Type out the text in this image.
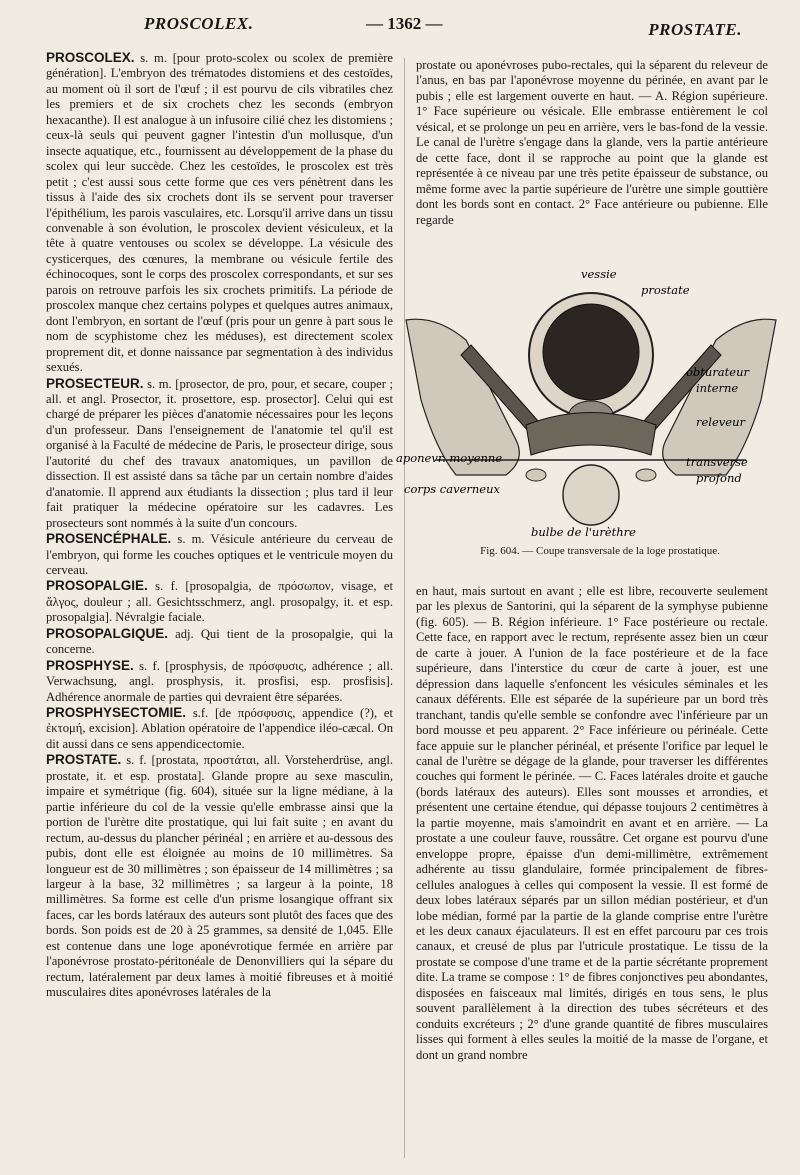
PROSCOLEX.	— 1362 —	PROSTATE.

PROSCOLEX. s. m. [pour proto-scolex ou scolex de première génération]. L'embryon des trématodes distomiens et des cestoïdes, au moment où il sort de l'œuf ; il est pourvu de cils vibratiles chez les premiers et de six crochets chez les seconds (embryon hexacanthe). Il est analogue à un infusoire cilié chez les distomiens ; ceux-là seuls qui peuvent gagner l'intestin d'un mollusque, d'un insecte aquatique, etc., fournissent au développement de la phase du scolex qui leur succède. Chez les cestoïdes, le proscolex est très petit ; c'est aussi sous cette forme que ces vers pénètrent dans les tissus à l'aide des six crochets dont ils se servent pour traverser l'épithélium, les parois vasculaires, etc. Lorsqu'il arrive dans un tissu convenable à son évolution, le proscolex devient vésiculeux, et la tête à quatre ventouses ou scolex se développe. La vésicule des cysticerques, des cœnures, la membrane ou vésicule fertile des échinocoques, sont le corps des proscolex correspondants, et sur ses parois on retrouve parfois les six crochets primitifs. La période de proscolex manque chez certains polypes et quelques autres animaux, dont l'embryon, en sortant de l'œuf (pris pour un genre à part sous le nom de scyphistome chez les méduses), est directement scolex proprement dit, et donne naissance par segmentation à des individus sexués.

PROSECTEUR. s. m. [prosector, de pro, pour, et secare, couper ; all. et angl. Prosector, it. prosettore, esp. prosector]. Celui qui est chargé de préparer les pièces d'anatomie nécessaires pour les leçons d'un professeur. Dans l'enseignement de l'anatomie tel qu'il est organisé à la Faculté de médecine de Paris, le prosecteur dirige, sous l'autorité du chef des travaux anatomiques, un pavillon de dissection. Il est assisté dans sa tâche par un certain nombre d'aides d'anatomie. Il apprend aux étudiants la dissection ; plus tard il leur fait pratiquer la médecine opératoire sur les cadavres. Les prosecteurs sont nommés à la suite d'un concours.

PROSENCÉPHALE. s. m. Vésicule antérieure du cerveau de l'embryon, qui forme les couches optiques et le ventricule moyen du cerveau.

PROSOPALGIE. s. f. [prosopalgia, de πρόσωπον, visage, et ἄλγος, douleur ; all. Gesichtsschmerz, angl. prosopalgy, it. et esp. prosopalgia]. Névralgie faciale.

PROSOPALGIQUE. adj. Qui tient de la prosopalgie, qui la concerne.

PROSPHYSE. s. f. [prosphysis, de πρόσφυσις, adhérence ; all. Verwachsung, angl. prosphysis, it. prosfisi, esp. prosfisis]. Adhérence anormale de parties qui devraient être séparées.

PROSPHYSECTOMIE. s.f. [de πρόσφυσις, appendice (?), et ἐκτομή, excision]. Ablation opératoire de l'appendice iléo-cæcal. On dit aussi dans ce sens appendicectomie.

PROSTATE. s. f. [prostata, προστάται, all. Vorsteherdrüse, angl. prostate, it. et esp. prostata]. Glande propre au sexe masculin, impaire et symétrique (fig. 604), située sur la ligne médiane, à la partie inférieure du col de la vessie qu'elle embrasse ainsi que la portion de l'urètre dite prostatique, qui lui fait suite ; en avant du rectum, au-dessus du plancher périnéal ; en arrière et au-dessous des pubis, dont elle est éloignée au moins de 10 millimètres. Sa longueur est de 30 millimètres ; son épaisseur de 14 millimètres ; sa largeur à la base, 32 millimètres ; sa largeur à la pointe, 18 millimètres. Sa forme est celle d'un prisme losangique offrant six faces, car les bords latéraux des auteurs sont plutôt des faces que des bords. Son poids est de 20 à 25 grammes, sa densité de 1,045. Elle est contenue dans une loge aponévrotique fermée en arrière par l'aponévrose prostato-péritonéale de Denonvilliers qui la sépare du rectum, latéralement par deux lames à moitié fibreuses et à moitié musculaires dites aponévroses latérales de la

prostate ou aponévroses pubo-rectales, qui la séparent du releveur de l'anus, en bas par l'aponévrose moyenne du périnée, en avant par le pubis ; elle est largement ouverte en haut. — A. Région supérieure. 1° Face supérieure ou vésicale. Elle embrasse entièrement le col vésical, et se prolonge un peu en arrière, vers le bas-fond de la vessie. Le canal de l'urètre s'engage dans la glande, vers la partie antérieure de cette face, dont il se rapproche au point que la glande est représentée à ce niveau par une très petite épaisseur de substance, ou même forme avec la partie supérieure de l'urètre une simple gouttière dont les bords sont en contact. 2° Face antérieure ou pubienne. Elle regarde

vessie
prostate
obturateur
interne
releveur
aponevr. moyenne	transverse
profond
corps caverneux
bulbe de l'urèthre
Fig. 604. — Coupe transversale de la loge prostatique.

en haut, mais surtout en avant ; elle est libre, recouverte seulement par les plexus de Santorini, qui la séparent de la symphyse pubienne (fig. 605). — B. Région inférieure. 1° Face postérieure ou rectale. Cette face, en rapport avec le rectum, représente assez bien un cœur de carte à jouer. A l'union de la face postérieure et de la face supérieure, dans l'interstice du cœur de carte à jouer, est une dépression dans laquelle s'enfoncent les vésicules séminales et les canaux déférents. Elle est séparée de la supérieure par un bord très tranchant, tandis qu'elle semble se confondre avec l'inférieure par un bord mousse et peu apparent. 2° Face inférieure ou périnéale. Cette face appuie sur le plancher périnéal, et présente l'orifice par lequel le canal de l'urètre se dégage de la glande, pour traverser les différentes couches qui forment le périnée. — C. Faces latérales droite et gauche (bords latéraux des auteurs). Elles sont mousses et arrondies, et présentent une certaine étendue, qui dépasse toujours 2 centimètres à la partie moyenne, mais s'amoindrit en avant et en arrière. — La prostate a une couleur fauve, roussâtre. Cet organe est pourvu d'une enveloppe propre, épaisse d'un demi-millimètre, extrêmement adhérente au tissu glandulaire, formée principalement de fibres-cellules analogues à celles qui composent la vessie. Il est formé de deux lobes latéraux séparés par un sillon médian postérieur, et d'un lobe médian, formé par la partie de la glande comprise entre l'urètre et les deux canaux éjaculateurs. Il est en effet parcouru par ces trois canaux, et creusé de plus par l'utricule prostatique. Le tissu de la prostate se compose d'une trame et de la partie sécrétante proprement dite. La trame se compose : 1° de fibres conjonctives peu abondantes, disposées en faisceaux mal limités, dirigés en tous sens, le plus souvent parallèlement à la direction des tubes sécréteurs et des conduits excréteurs ; 2° d'une grande quantité de fibres musculaires lisses qui forment à elles seules la moitié de la masse de l'organe, et dont un grand nombre
